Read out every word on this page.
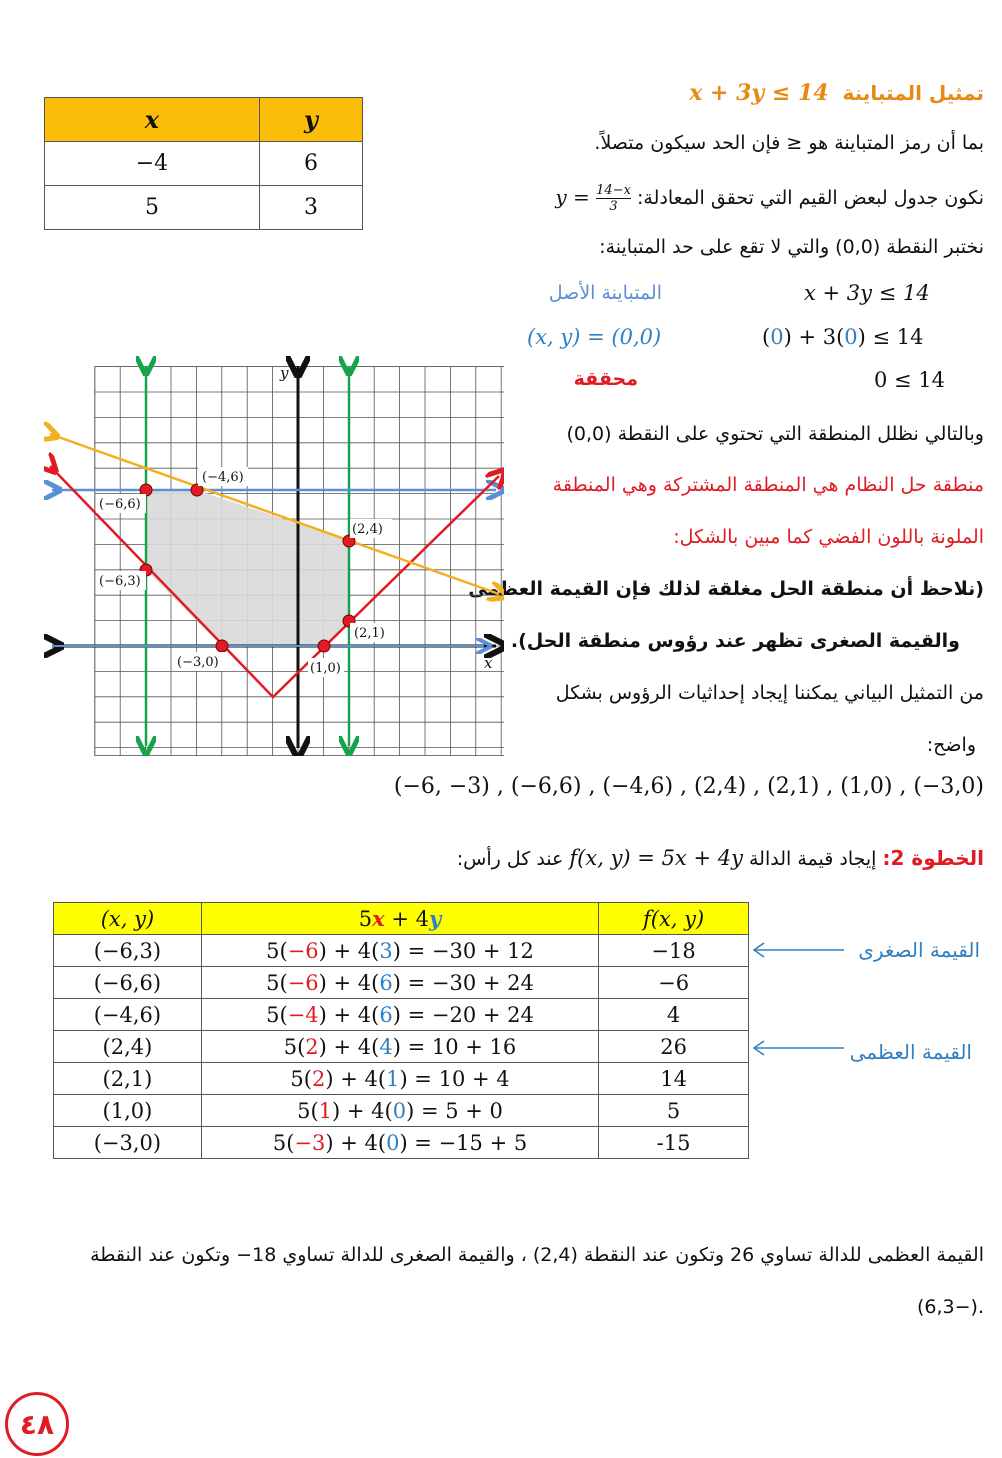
تمثيل المتباينة  x + 3y ≤ 14
بما أن رمز المتباينة هو ≤ فإن الحد سيكون متصلاً.
نكون جدول لبعض القيم التي تحقق المعادلة: $y = \frac{14-x}{3}$
نختبر النقطة (0,0) والتي لا تقع على حد المتباينة:
المتباينة الأصل	x + 3y ≤ 14
(x, y) = (0,0)	(0) + 3(0) ≤ 14
محققة	0 ≤ 14
وبالتالي نظلل المنطقة التي تحتوي على النقطة (0,0)
منطقة حل النظام هي المنطقة المشتركة وهي المنطقة
الملونة باللون الفضي كما مبين بالشكل:
(نلاحظ أن منطقة الحل مغلقة لذلك فإن القيمة العظمى
والقيمة الصغرى تظهر عند رؤوس منطقة الحل).
من التمثيل البياني يمكننا إيجاد إحداثيات الرؤوس بشكل
واضح:
(−6, −3) , (−6,6) , (−4,6) , (2,4) , (2,1) , (1,0) , (−3,0)
x	y
−4	6
5	3
(−4,6)
(−6,6)
(2,4)
(−6,3)
(2,1)
(−3,0)	(1,0)	x
y
الخطوة 2: إيجاد قيمة الدالة f(x, y) = 5x + 4y عند كل رأس:
(x, y)	5x + 4y	f(x, y)
(−6,3)	5(−6) + 4(3) = −30 + 12	−18
(−6,6)	5(−6) + 4(6) = −30 + 24	−6
(−4,6)	5(−4) + 4(6) = −20 + 24	4
(2,4)	5(2) + 4(4) = 10 + 16	26
(2,1)	5(2) + 4(1) = 10 + 4	14
(1,0)	5(1) + 4(0) = 5 + 0	5
(−3,0)	5(−3) + 4(0) = −15 + 5	-15
القيمة الصغرى
القيمة العظمى
القيمة العظمى للدالة تساوي 26 وتكون عند النقطة (2,4) ، والقيمة الصغرى للدالة تساوي 18− وتكون عند النقطة
.(−6,3)
٤٨
